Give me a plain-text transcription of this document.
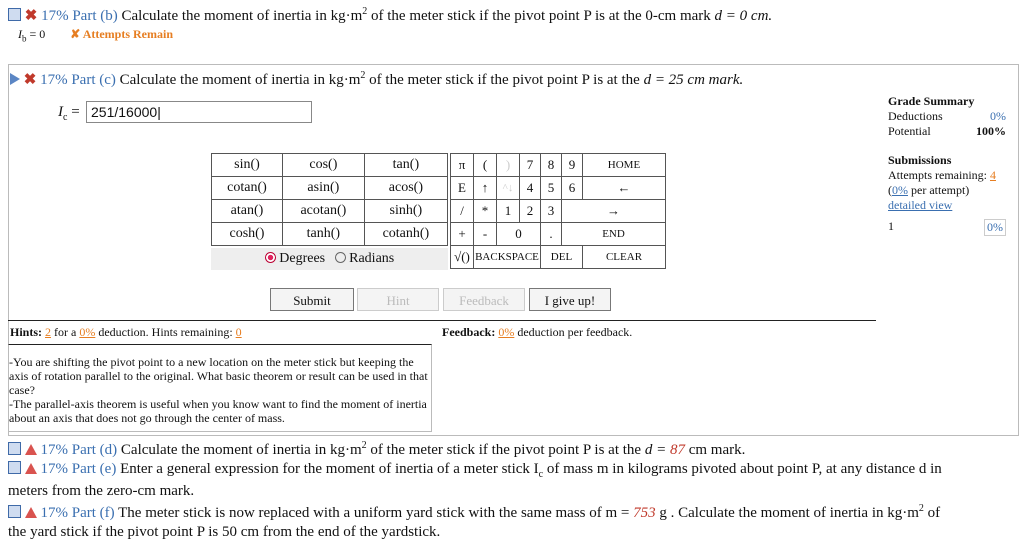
✖ 17% Part (b) Calculate the moment of inertia in $kg\cdot m^2$ of the meter stick if the pivot point P is at the 0-cm mark d = 0 cm.
$I_b = 0$ ✘ Attempts Remain
✖ 17% Part (c) Calculate the moment of inertia in $kg\cdot m^2$ of the meter stick if the pivot point P is at the d = 25 cm mark.
$I_c = 251/16000|$
Grade Summary
Deductions	0%
Potential	100%
Submissions
Attempts remaining: 4
(0% per attempt)
detailed view
1	0%
sin()	cos()	tan()
cotan()	asin()	acos()
atan()	acotan()	sinh()
cosh()	tanh()	cotanh()
Degrees Radians
π	(	)	7	8	9	HOME
E	↑	^↓	4	5	6	←
/	*	1	2	3	→	
+	-	0		.	END	
√()	BACKSPACE			DEL		CLEAR
Submit	Hint	Feedback	I give up!
Hints: 2 for a 0% deduction. Hints remaining: 0	Feedback: 0% deduction per feedback.
-You are shifting the pivot point to a new location on the meter stick but keeping the axis of rotation parallel to the original. What basic theorem or result can be used in that case?
-The parallel-axis theorem is useful when you know want to find the moment of inertia about an axis that does not go through the center of mass.
17% Part (d) Calculate the moment of inertia in $kg\cdot m^2$ of the meter stick if the pivot point P is at the d = 87 cm mark.
17% Part (e) Enter a general expression for the moment of inertia of a meter stick $I_c$ of mass m in kilograms pivoted about point P, at any distance d in
meters from the zero-cm mark.
17% Part (f) The meter stick is now replaced with a uniform yard stick with the same mass of m = 753 g . Calculate the moment of inertia in $kg\cdot m^2$ of
the yard stick if the pivot point P is 50 cm from the end of the yardstick.
